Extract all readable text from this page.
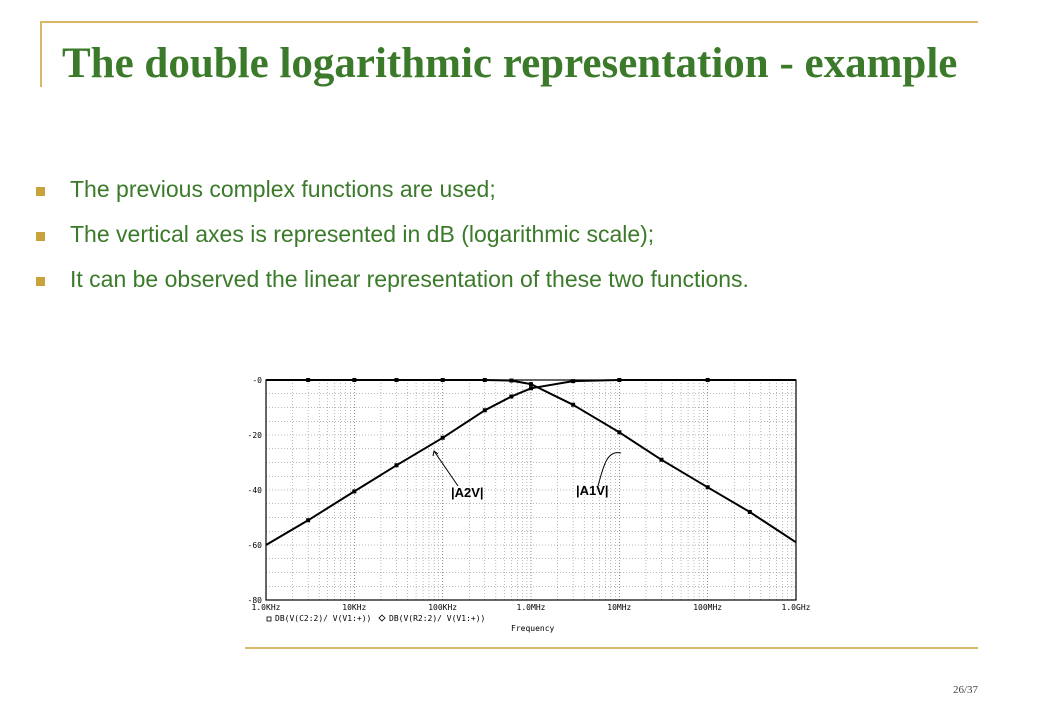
The double logarithmic representation - example
The previous complex functions are used;
The vertical axes is represented in dB (logarithmic scale);
It can be observed the linear representation of these two functions.
-0
-20
-40
-60
-80
1.0KHz	10KHz	100KHz	1.0MHz	10MHz	100MHz	1.0GHz
|A2V|	|A1V|
DB(V(C2:2)/ V(V1:+)) DB(V(R2:2)/ V(V1:+))
Frequency
26/37
